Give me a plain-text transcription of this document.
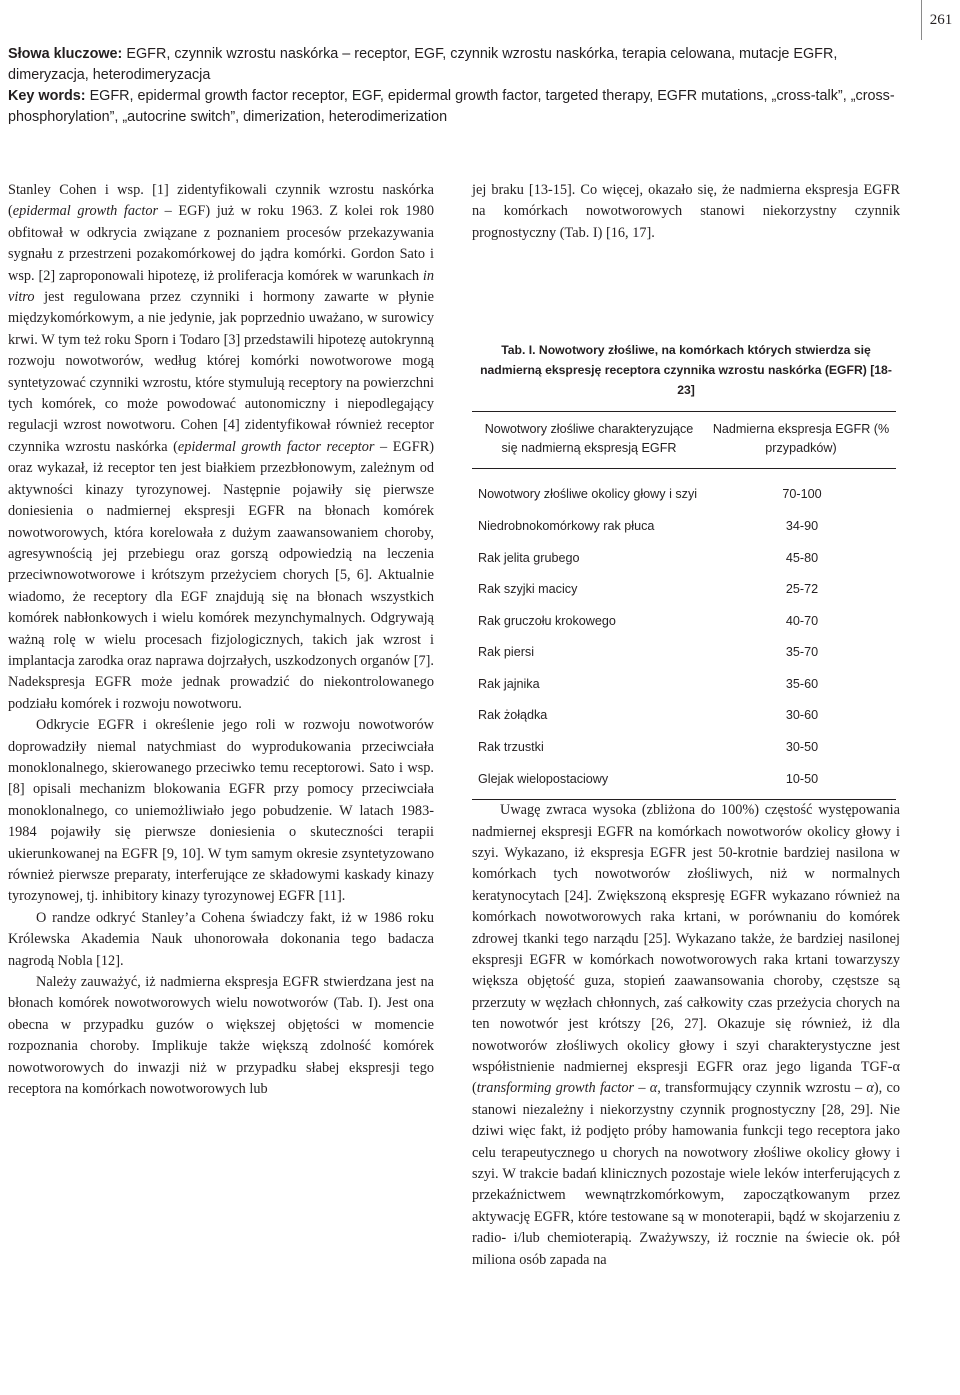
261

Słowa kluczowe: EGFR, czynnik wzrostu naskórka – receptor, EGF, czynnik wzrostu naskórka, terapia celowana, mutacje EGFR, dimeryzacja, heterodimeryzacja

Key words: EGFR, epidermal growth factor receptor, EGF, epidermal growth factor, targeted therapy, EGFR mutations, „cross-talk”, „cross-phosphorylation”, „autocrine switch”, dimerization, heterodimerization

Stanley Cohen i wsp. [1] zidentyfikowali czynnik wzrostu naskórka (epidermal growth factor – EGF) już w roku 1963. Z kolei rok 1980 obfitował w odkrycia związane z poznaniem procesów przekazywania sygnału z przestrzeni pozakomórkowej do jądra komórki. Gordon Sato i wsp. [2] zaproponowali hipotezę, iż proliferacja komórek w warunkach in vitro jest regulowana przez czynniki i hormony zawarte w płynie międzykomórkowym, a nie jedynie, jak poprzednio uważano, w surowicy krwi. W tym też roku Sporn i Todaro [3] przedstawili hipotezę autokrynną rozwoju nowotworów, według której komórki nowotworowe mogą syntetyzować czynniki wzrostu, które stymulują receptory na powierzchni tych komórek, co może powodować autonomiczny i niepodlegający regulacji wzrost nowotworu. Cohen [4] zidentyfikował również receptor czynnika wzrostu naskórka (epidermal growth factor receptor – EGFR) oraz wykazał, iż receptor ten jest białkiem przezbłonowym, zależnym od aktywności kinazy tyrozynowej. Następnie pojawiły się pierwsze doniesienia o nadmiernej ekspresji EGFR na błonach komórek nowotworowych, która korelowała z dużym zaawansowaniem choroby, agresywnością jej przebiegu oraz gorszą odpowiedzią na leczenia przeciwnowotworowe i krótszym przeżyciem chorych [5, 6]. Aktualnie wiadomo, że receptory dla EGF znajdują się na błonach wszystkich komórek nabłonkowych i wielu komórek mezynchymalnych. Odgrywają ważną rolę w wielu procesach fizjologicznych, takich jak wzrost i implantacja zarodka oraz naprawa dojrzałych, uszkodzonych organów [7]. Nadekspresja EGFR może jednak prowadzić do niekontrolowanego podziału komórek i rozwoju nowotworu.

Odkrycie EGFR i określenie jego roli w rozwoju nowotworów doprowadziły niemal natychmiast do wyprodukowania przeciwciała monoklonalnego, skierowanego przeciwko temu receptorowi. Sato i wsp. [8] opisali mechanizm blokowania EGFR przy pomocy przeciwciała monoklonalnego, co uniemożliwiało jego pobudzenie. W latach 1983-1984 pojawiły się pierwsze doniesienia o skuteczności terapii ukierunkowanej na EGFR [9, 10]. W tym samym okresie zsyntetyzowano również pierwsze preparaty, interferujące ze składowymi kaskady kinazy tyrozynowej, tj. inhibitory kinazy tyrozynowej EGFR [11].

O randze odkryć Stanley’a Cohena świadczy fakt, iż w 1986 roku Królewska Akademia Nauk uhonorowała dokonania tego badacza nagrodą Nobla [12].

Należy zauważyć, iż nadmierna ekspresja EGFR stwierdzana jest na błonach komórek nowotworowych wielu nowotworów (Tab. I). Jest ona obecna w przypadku guzów o większej objętości w momencie rozpoznania choroby. Implikuje także większą zdolność komórek nowotworowych do inwazji niż w przypadku słabej ekspresji tego receptora na komórkach nowotworowych lub

jej braku [13-15]. Co więcej, okazało się, że nadmierna ekspresja EGFR na komórkach nowotworowych stanowi niekorzystny czynnik prognostyczny (Tab. I) [16, 17].

Tab. I. Nowotwory złośliwe, na komórkach których stwierdza się nadmierną ekspresję receptora czynnika wzrostu naskórka (EGFR) [18-23]
Nowotwory złośliwe charakteryzujące się nadmierną ekspresją EGFR	Nadmierna ekspresja EGFR (% przypadków)
Nowotwory złośliwe okolicy głowy i szyi	70-100
Niedrobnokomórkowy rak płuca	34-90
Rak jelita grubego	45-80
Rak szyjki macicy	25-72
Rak gruczołu krokowego	40-70
Rak piersi	35-70
Rak jajnika	35-60
Rak żołądka	30-60
Rak trzustki	30-50
Glejak wielopostaciowy	10-50

Uwagę zwraca wysoka (zbliżona do 100%) częstość występowania nadmiernej ekspresji EGFR na komórkach nowotworów okolicy głowy i szyi. Wykazano, iż ekspresja EGFR jest 50-krotnie bardziej nasilona w komórkach tych nowotworów złośliwych, niż w normalnych keratynocytach [24]. Zwiększoną ekspresję EGFR wykazano również na komórkach nowotworowych raka krtani, w porównaniu do komórek zdrowej tkanki tego narządu [25]. Wykazano także, że bardziej nasilonej ekspresji EGFR w komórkach nowotworowych raka krtani towarzyszy większa objętość guza, stopień zaawansowania choroby, częstsze są przerzuty w węzłach chłonnych, zaś całkowity czas przeżycia chorych na ten nowotwór jest krótszy [26, 27]. Okazuje się również, iż dla nowotworów złośliwych okolicy głowy i szyi charakterystyczne jest współistnienie nadmiernej ekspresji EGFR oraz jego liganda TGF-α (transforming growth factor – α, transformujący czynnik wzrostu – α), co stanowi niezależny i niekorzystny czynnik prognostyczny [28, 29]. Nie dziwi więc fakt, iż podjęto próby hamowania funkcji tego receptora jako celu terapeutycznego u chorych na nowotwory złośliwe okolicy głowy i szyi. W trakcie badań klinicznych pozostaje wiele leków interferujących z przekaźnictwem wewnątrzkomórkowym, zapoczątkowanym przez aktywację EGFR, które testowane są w monoterapii, bądź w skojarzeniu z radio- i/lub chemioterapią. Zważywszy, iż rocznie na świecie ok. pół miliona osób zapada na
